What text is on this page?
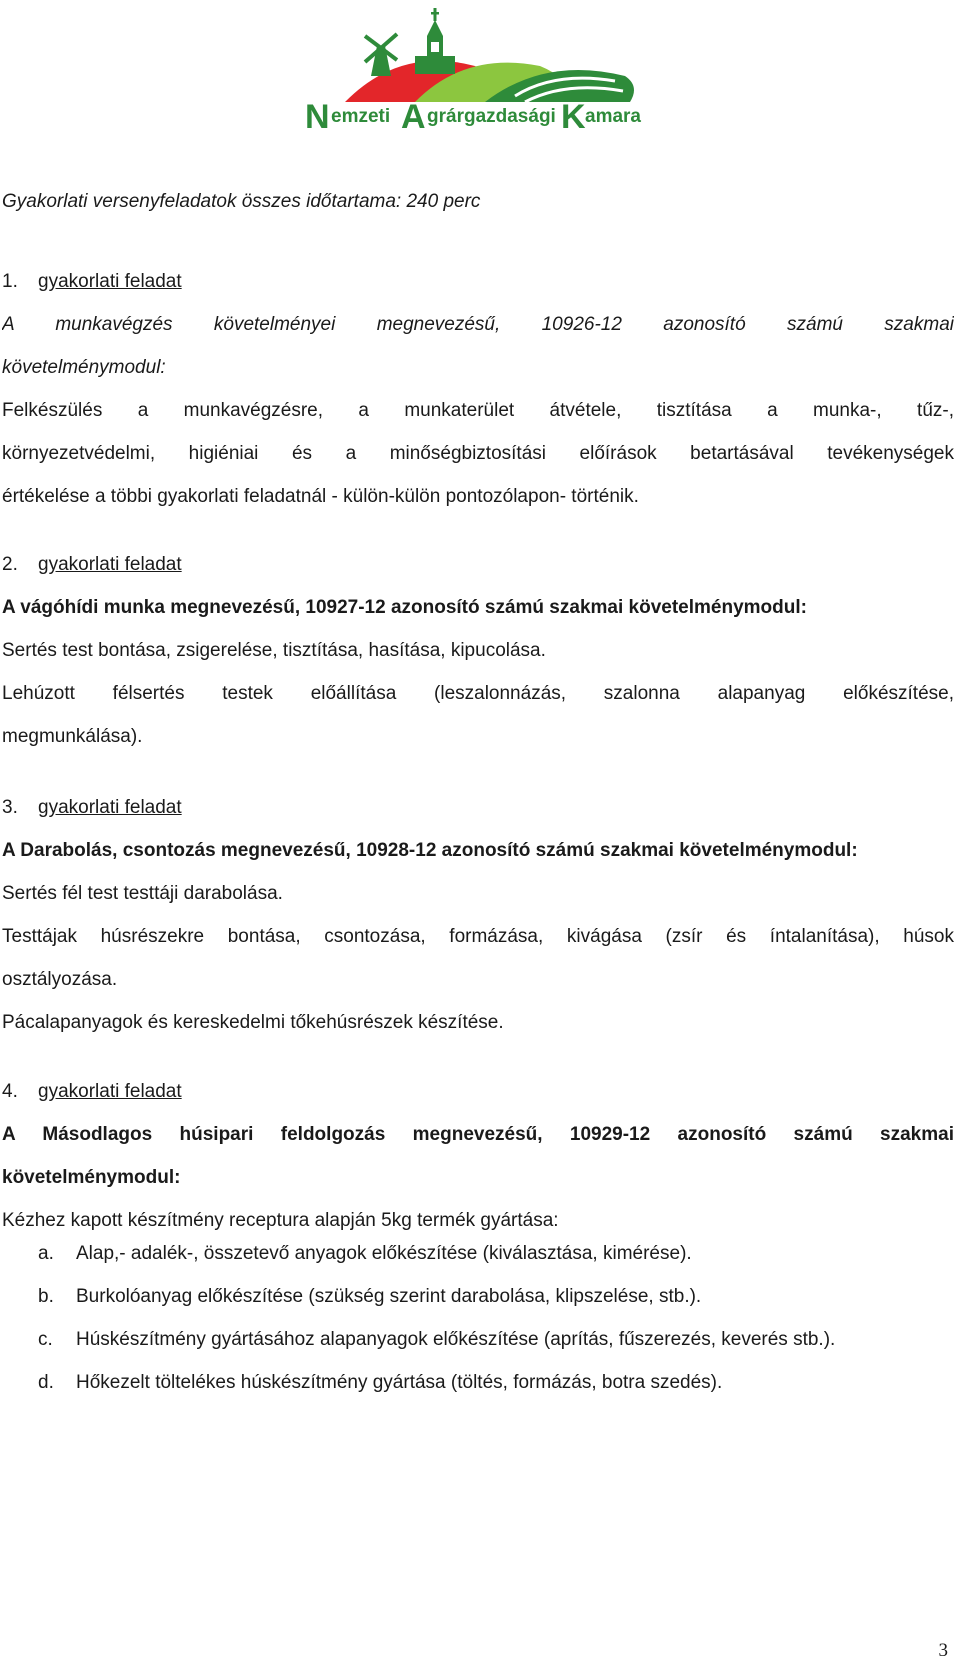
N emzeti A grárgazdasági K amara
Gyakorlati versenyfeladatok összes időtartama: 240 perc
1. gyakorlati feladat
A munkavégzés követelményei megnevezésű, 10926-12 azonosító számú szakmai
követelménymodul:
Felkészülés a munkavégzésre, a munkaterület átvétele, tisztítása a munka-, tűz-,
környezetvédelmi, higiéniai és a minőségbiztosítási előírások betartásával tevékenységek
értékelése a többi gyakorlati feladatnál - külön-külön pontozólapon- történik.
2. gyakorlati feladat
A vágóhídi munka megnevezésű, 10927-12 azonosító számú szakmai követelménymodul:
Sertés test bontása, zsigerelése, tisztítása, hasítása, kipucolása.
Lehúzott félsertés testek előállítása (leszalonnázás, szalonna alapanyag előkészítése,
megmunkálása).
3. gyakorlati feladat
A Darabolás, csontozás megnevezésű, 10928-12 azonosító számú szakmai követelménymodul:
Sertés fél test testtáji darabolása.
Testtájak húsrészekre bontása, csontozása, formázása, kivágása (zsír és íntalanítása), húsok
osztályozása.
Pácalapanyagok és kereskedelmi tőkehúsrészek készítése.
4. gyakorlati feladat
A Másodlagos húsipari feldolgozás megnevezésű, 10929-12 azonosító számú szakmai
követelménymodul:
Kézhez kapott készítmény receptura alapján 5kg termék gyártása:
a. Alap,- adalék-, összetevő anyagok előkészítése (kiválasztása, kimérése).
b. Burkolóanyag előkészítése (szükség szerint darabolása, klipszelése, stb.).
c. Húskészítmény gyártásához alapanyagok előkészítése (aprítás, fűszerezés, keverés stb.).
d. Hőkezelt töltelékes húskészítmény gyártása (töltés, formázás, botra szedés).
3
